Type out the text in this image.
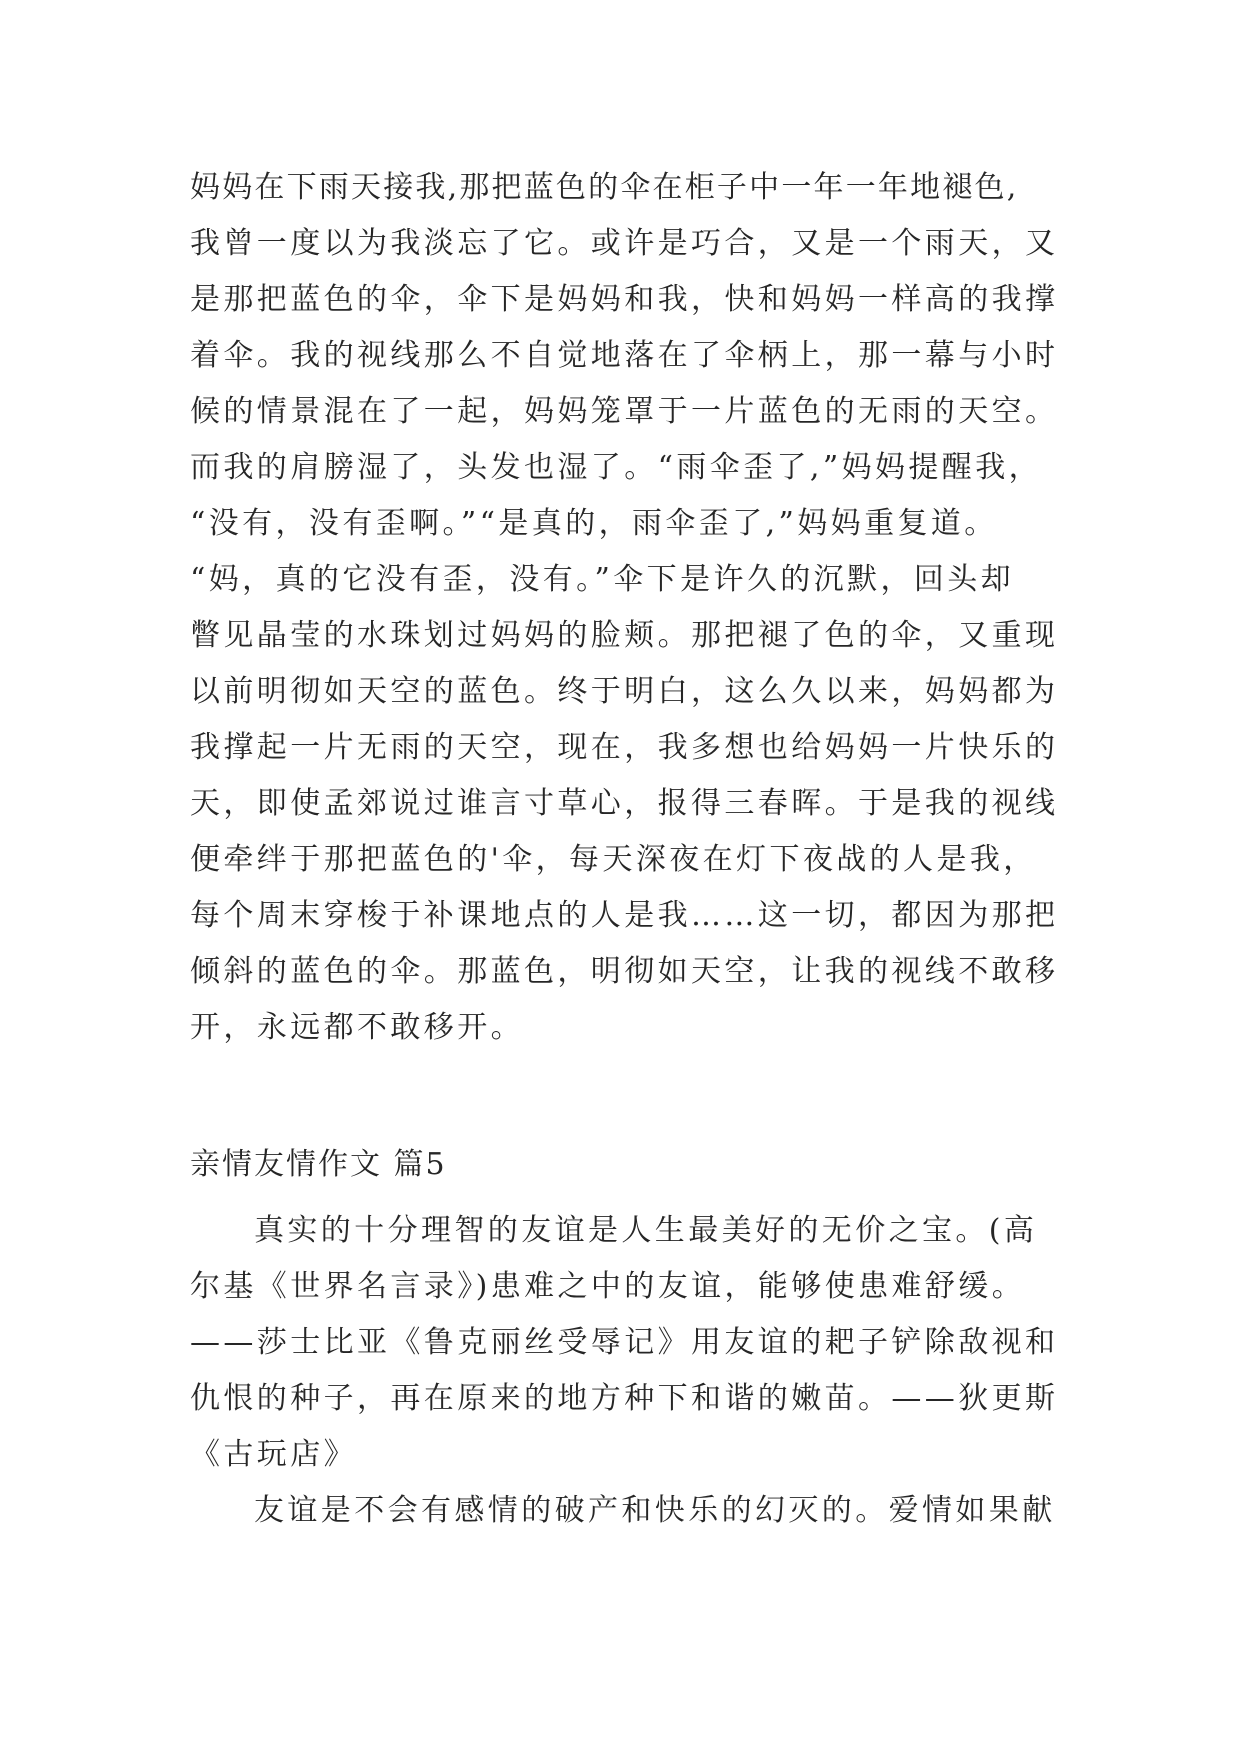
妈妈在下雨天接我,那把蓝色的伞在柜子中一年一年地褪色,
我曾一度以为我淡忘了它。或许是巧合，又是一个雨天，又
是那把蓝色的伞，伞下是妈妈和我，快和妈妈一样高的我撑
着伞。我的视线那么不自觉地落在了伞柄上，那一幕与小时
候的情景混在了一起，妈妈笼罩于一片蓝色的无雨的天空。
而我的肩膀湿了，头发也湿了。“雨伞歪了,”妈妈提醒我，
“没有，没有歪啊。”“是真的，雨伞歪了,”妈妈重复道。
“妈，真的它没有歪，没有。”伞下是许久的沉默，回头却
瞥见晶莹的水珠划过妈妈的脸颊。那把褪了色的伞，又重现
以前明彻如天空的蓝色。终于明白，这么久以来，妈妈都为
我撑起一片无雨的天空，现在，我多想也给妈妈一片快乐的
天，即使孟郊说过谁言寸草心，报得三春晖。于是我的视线
便牵绊于那把蓝色的'伞，每天深夜在灯下夜战的人是我，
每个周末穿梭于补课地点的人是我……这一切，都因为那把
倾斜的蓝色的伞。那蓝色，明彻如天空，让我的视线不敢移
开，永远都不敢移开。
亲情友情作文 篇5
真实的十分理智的友谊是人生最美好的无价之宝。(高
尔基《世界名言录》)患难之中的友谊，能够使患难舒缓。
——莎士比亚《鲁克丽丝受辱记》用友谊的耙子铲除敌视和
仇恨的种子，再在原来的地方种下和谐的嫩苗。——狄更斯
《古玩店》
友谊是不会有感情的破产和快乐的幻灭的。爱情如果献
